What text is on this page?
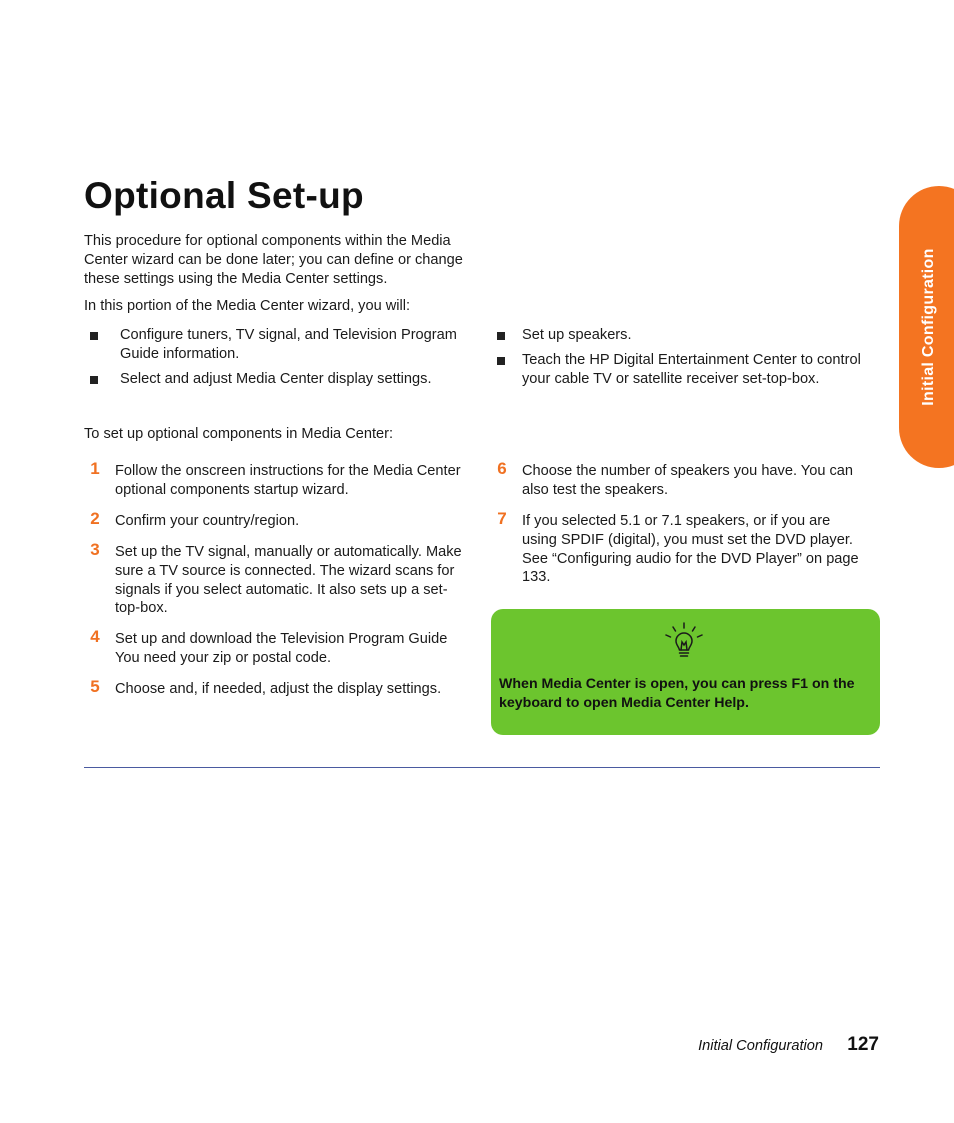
Optional Set-up
This procedure for optional components within the Media Center wizard can be done later; you can define or change these settings using the Media Center settings.
In this portion of the Media Center wizard, you will:
Configure tuners, TV signal, and Television Program Guide information.
Select and adjust Media Center display settings.
Set up speakers.
Teach the HP Digital Entertainment Center to control your cable TV or satellite receiver set-top-box.
To set up optional components in Media Center:
1	Follow the onscreen instructions for the Media Center optional components startup wizard.
2	Confirm your country/region.
3	Set up the TV signal, manually or automatically. Make sure a TV source is connected. The wizard scans for signals if you select automatic. It also sets up a set-top-box.
4	Set up and download the Television Program Guide You need your zip or postal code.
5	Choose and, if needed, adjust the display settings.
6	Choose the number of speakers you have. You can also test the speakers.
7	If you selected 5.1 or 7.1 speakers, or if you are using SPDIF (digital), you must set the DVD player. See “Configuring audio for the DVD Player” on page 133.
When Media Center is open, you can press F1 on the keyboard to open Media Center Help.
Initial Configuration
Initial Configuration 127
